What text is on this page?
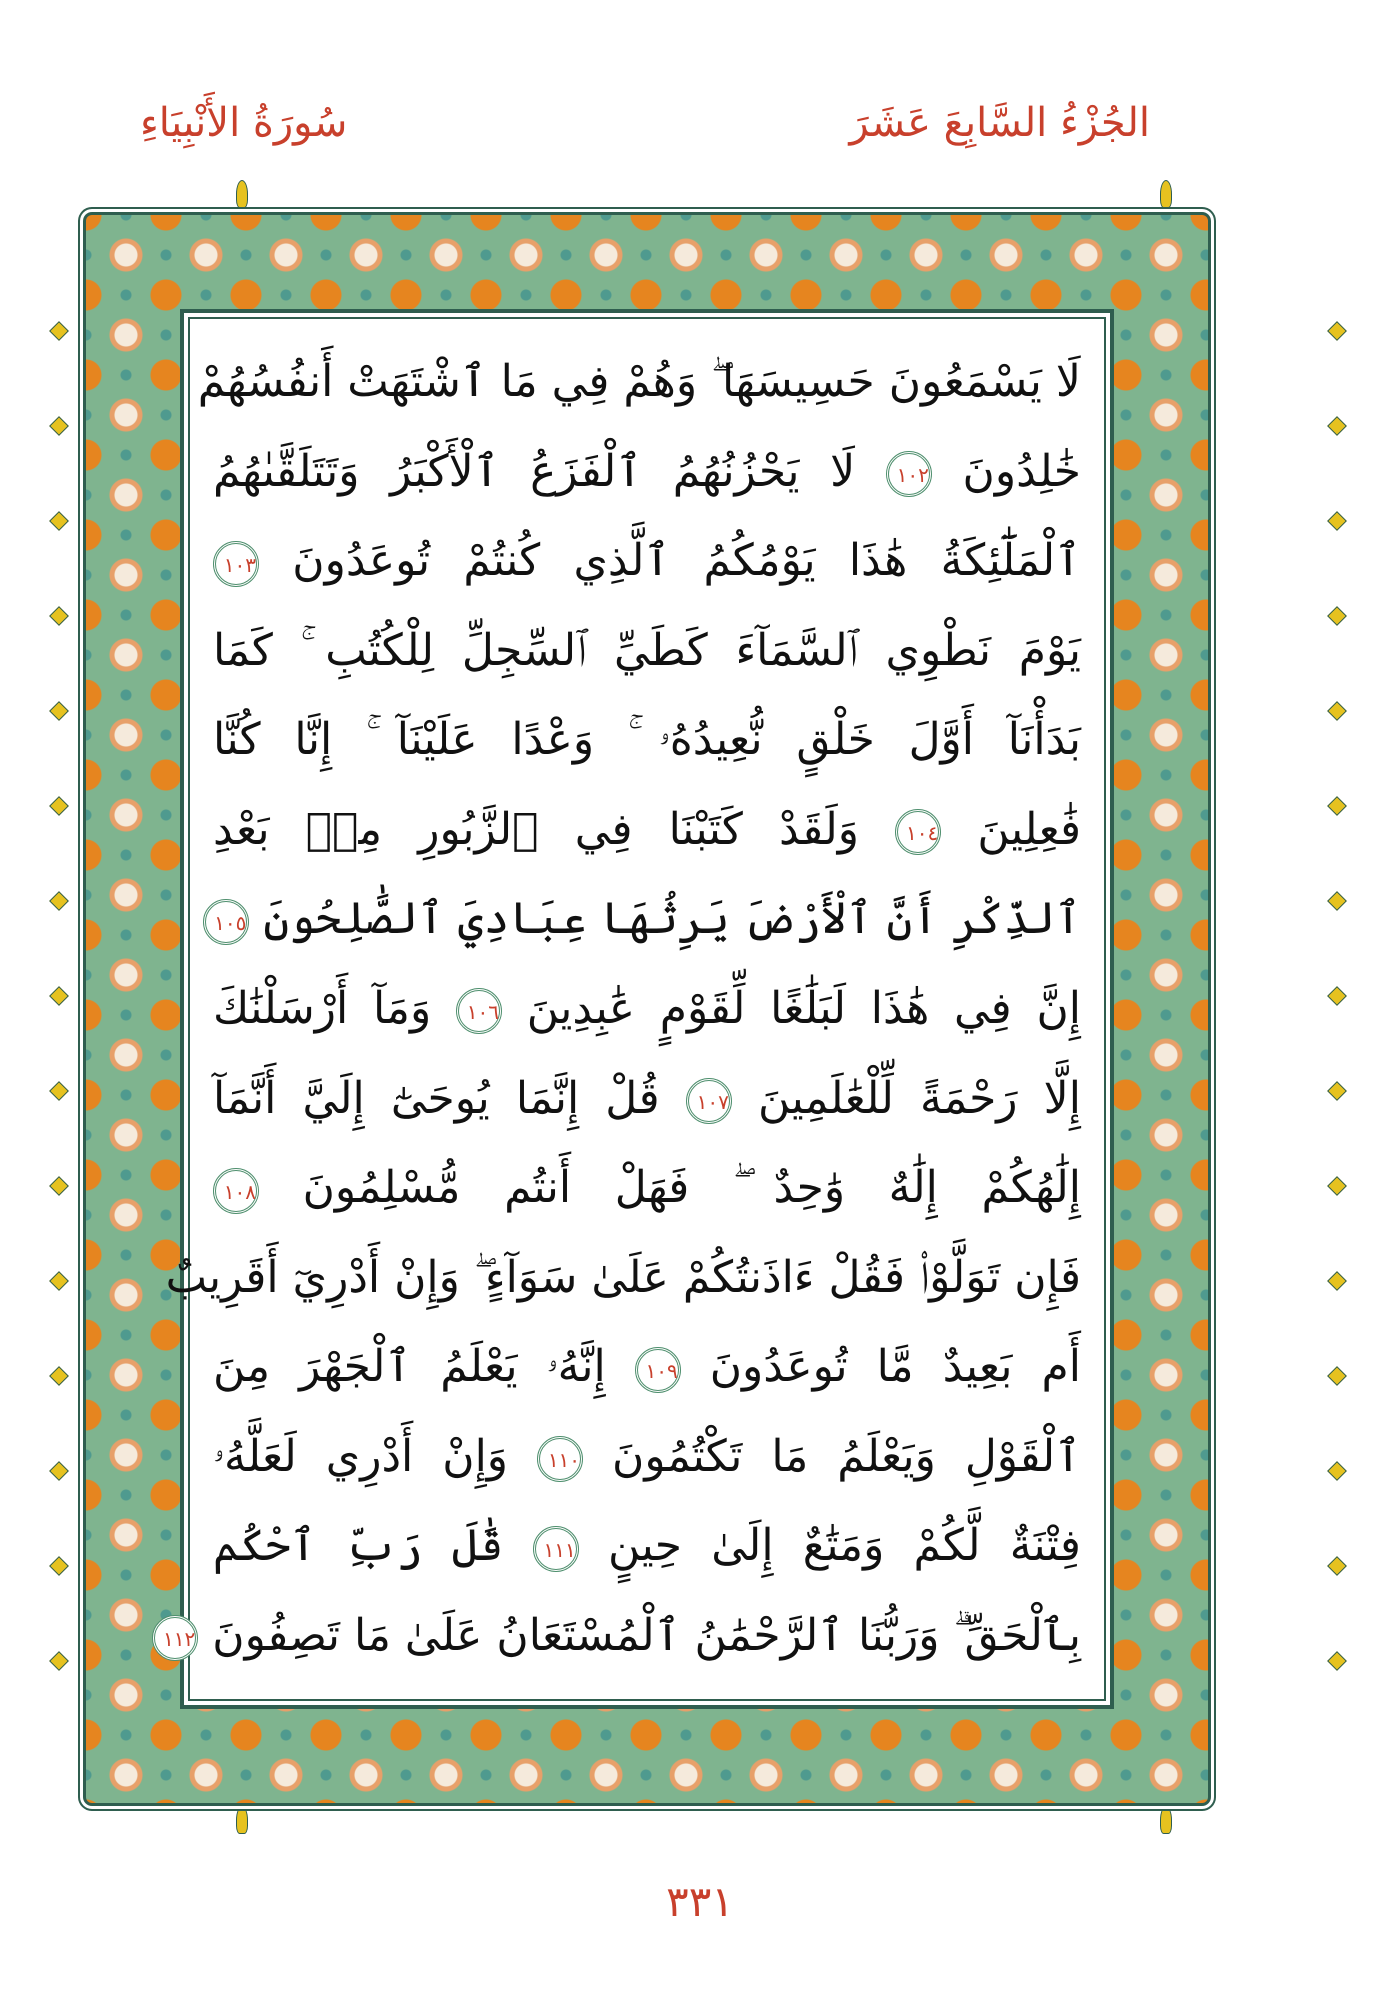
الجُزْءُ السَّابِعَ عَشَرَ
سُورَةُ الأَنْبِيَاءِ
لَا يَسْمَعُونَ حَسِيسَهَا ۖ وَهُمْ فِي مَا ٱشْتَهَتْ أَنفُسُهُمْ
خَٰلِدُونَ ١٠٢ لَا يَحْزُنُهُمُ ٱلْفَزَعُ ٱلْأَكْبَرُ وَتَتَلَقَّىٰهُمُ
ٱلْمَلَٰٓئِكَةُ هَٰذَا يَوْمُكُمُ ٱلَّذِي كُنتُمْ تُوعَدُونَ ١٠٣
يَوْمَ نَطْوِي ٱلسَّمَآءَ كَطَيِّ ٱلسِّجِلِّ لِلْكُتُبِ ۚ كَمَا
بَدَأْنَآ أَوَّلَ خَلْقٍ نُّعِيدُهُۥ ۚ وَعْدًا عَلَيْنَآ ۚ إِنَّا كُنَّا
فَٰعِلِينَ ١٠٤ وَلَقَدْ كَتَبْنَا فِي ٱلزَّبُورِ مِنۢ بَعْدِ
ٱلذِّكْرِ أَنَّ ٱلْأَرْضَ يَرِثُهَا عِبَادِيَ ٱلصَّٰلِحُونَ ١٠٥
إِنَّ فِي هَٰذَا لَبَلَٰغًا لِّقَوْمٍ عَٰبِدِينَ ١٠٦ وَمَآ أَرْسَلْنَٰكَ
إِلَّا رَحْمَةً لِّلْعَٰلَمِينَ ١٠٧ قُلْ إِنَّمَا يُوحَىٰٓ إِلَيَّ أَنَّمَآ
إِلَٰهُكُمْ إِلَٰهٌ وَٰحِدٌ ۖ فَهَلْ أَنتُم مُّسْلِمُونَ ١٠٨
فَإِن تَوَلَّوْا۟ فَقُلْ ءَاذَنتُكُمْ عَلَىٰ سَوَآءٍ ۖ وَإِنْ أَدْرِيٓ أَقَرِيبٌ
أَم بَعِيدٌ مَّا تُوعَدُونَ ١٠٩ إِنَّهُۥ يَعْلَمُ ٱلْجَهْرَ مِنَ
ٱلْقَوْلِ وَيَعْلَمُ مَا تَكْتُمُونَ ١١٠ وَإِنْ أَدْرِي لَعَلَّهُۥ
فِتْنَةٌ لَّكُمْ وَمَتَٰعٌ إِلَىٰ حِينٍ ١١١ قَٰلَ رَبِّ ٱحْكُم
بِٱلْحَقِّ ۗ وَرَبُّنَا ٱلرَّحْمَٰنُ ٱلْمُسْتَعَانُ عَلَىٰ مَا تَصِفُونَ ١١٢
٣٣١
